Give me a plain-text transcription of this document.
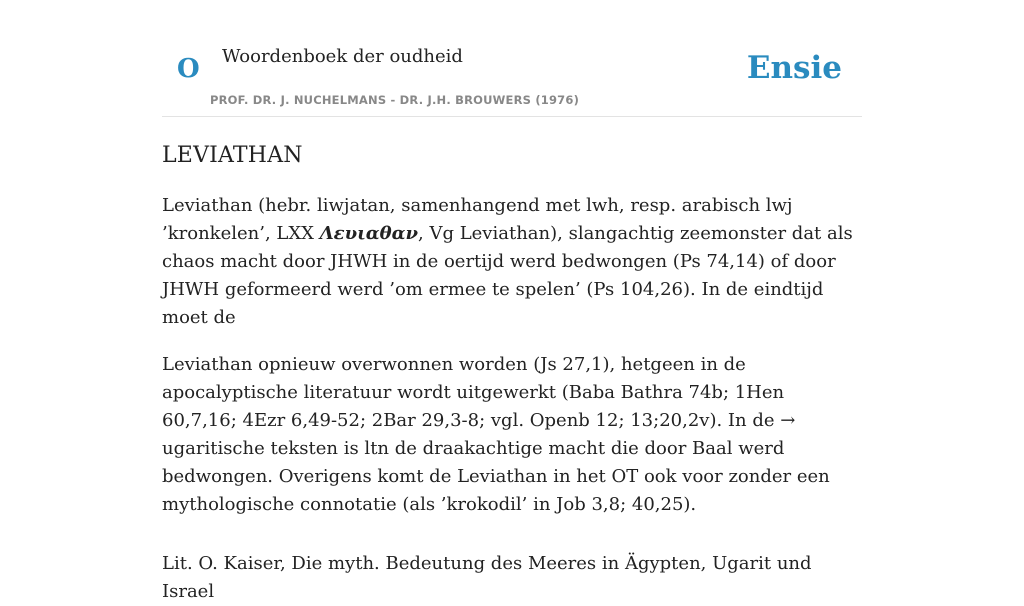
O Woordenboek der oudheid
PROF. DR. J. NUCHELMANS - DR. J.H. BROUWERS (1976)
Ensie
LEVIATHAN

Leviathan (hebr. liwjatan, samenhangend met lwh, resp. arabisch lwj ’kronkelen’, LXX Λευιαθαν, Vg Leviathan), slangachtig zeemonster dat als chaos macht door JHWH in de oertijd werd bedwongen (Ps 74,14) of door JHWH geformeerd werd ’om ermee te spelen’ (Ps 104,26). In de eindtijd moet de

Leviathan opnieuw overwonnen worden (Js 27,1), hetgeen in de apocalyptische literatuur wordt uitgewerkt (Baba Bathra 74b; 1Hen 60,7,16; 4Ezr 6,49-52; 2Bar 29,3-8; vgl. Openb 12; 13;20,2v). In de → ugaritische teksten is ltn de draakachtige macht die door Baal werd bedwongen. Overigens komt de Leviathan in het OT ook voor zonder een mythologische connotatie (als ’krokodil’ in Job 3,8; 40,25).

Lit. O. Kaiser, Die myth. Bedeutung des Meeres in Ägypten, Ugarit und Israel
